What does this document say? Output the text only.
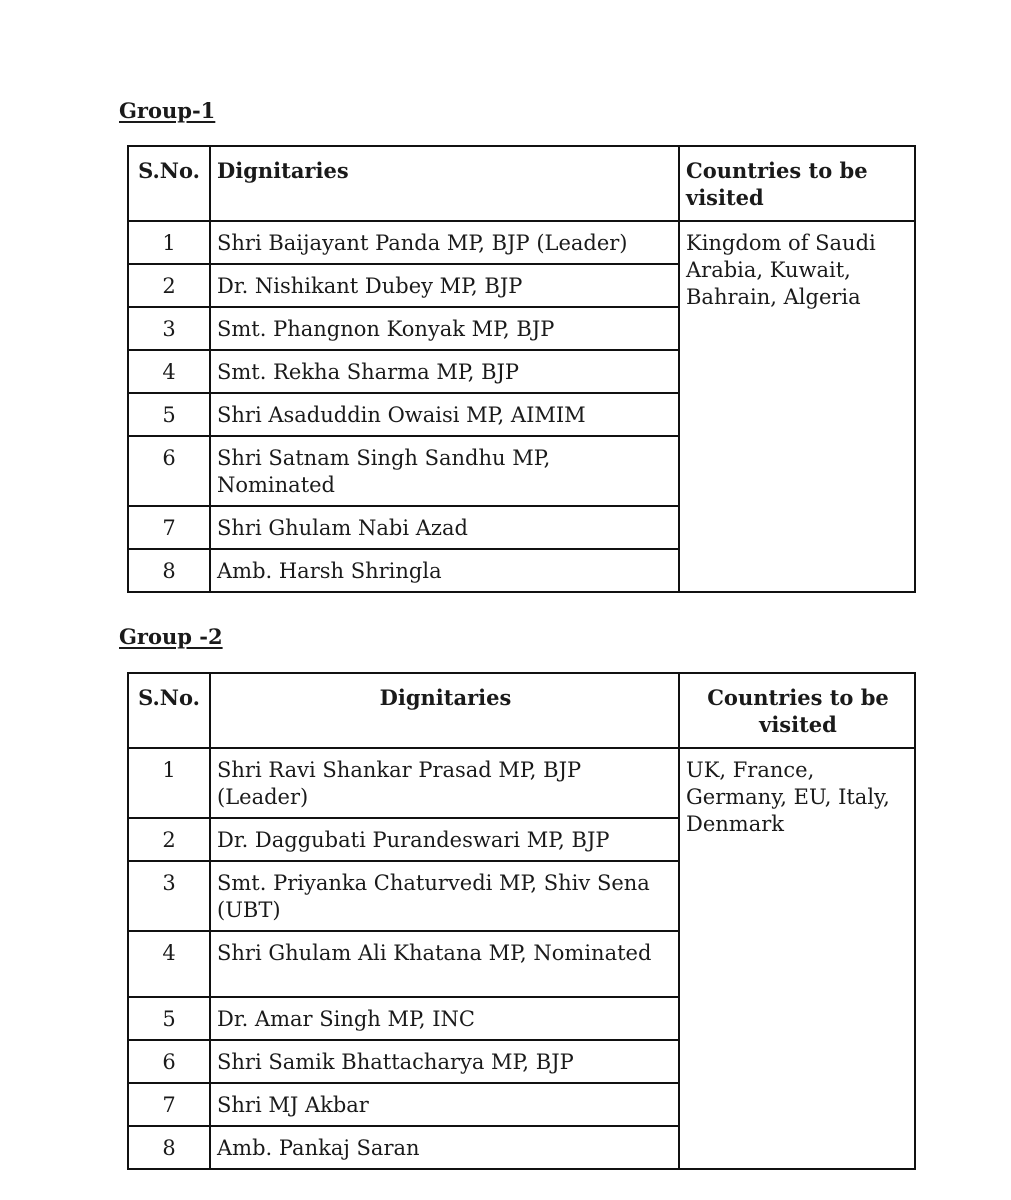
Group-1
S.No.	Dignitaries	Countries to be visited
1	Shri Baijayant Panda MP, BJP (Leader)	Kingdom of Saudi Arabia, Kuwait, Bahrain, Algeria
2	Dr. Nishikant Dubey MP, BJP	
3	Smt. Phangnon Konyak MP, BJP	
4	Smt. Rekha Sharma MP, BJP	
5	Shri Asaduddin Owaisi MP, AIMIM	
6	Shri Satnam Singh Sandhu MP, Nominated	
7	Shri Ghulam Nabi Azad	
8	Amb. Harsh Shringla	
Group -2
S.No.	Dignitaries	Countries to be visited
1	Shri Ravi Shankar Prasad MP, BJP (Leader)	UK, France, Germany, EU, Italy, Denmark
2	Dr. Daggubati Purandeswari MP, BJP	
3	Smt. Priyanka Chaturvedi MP, Shiv Sena (UBT)	
4	Shri Ghulam Ali Khatana MP, Nominated	
5	Dr. Amar Singh MP, INC	
6	Shri Samik Bhattacharya MP, BJP	
7	Shri MJ Akbar	
8	Amb. Pankaj Saran	
